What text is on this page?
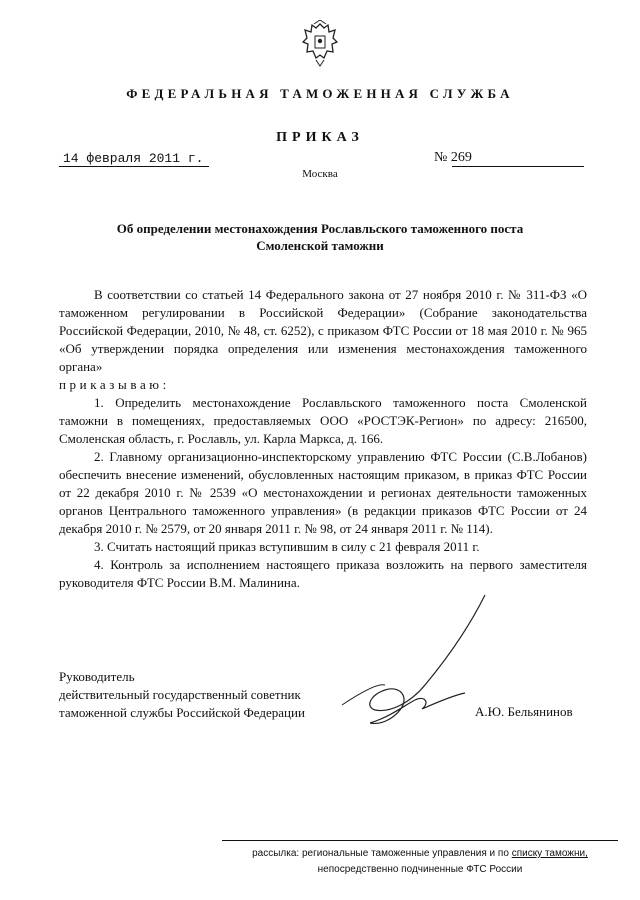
ФЕДЕРАЛЬНАЯ ТАМОЖЕННАЯ СЛУЖБА
ПРИКАЗ
14 февраля 2011 г.	№ 269
Москва
Об определении местонахождения Рославльского таможенного поста
Смоленской таможни

В соответствии со статьей 14 Федерального закона от 27 ноября 2010 г. № 311-ФЗ «О таможенном регулировании в Российской Федерации» (Собрание законодательства Российской Федерации, 2010, № 48, ст. 6252), с приказом ФТС России от 18 мая 2010 г. № 965 «Об утверждении порядка определения или изменения местонахождения таможенного органа»

приказываю:

1. Определить местонахождение Рославльского таможенного поста Смоленской таможни в помещениях, предоставляемых ООО «РОСТЭК-Регион» по адресу: 216500, Смоленская область, г. Рославль, ул. Карла Маркса, д. 166.

2. Главному организационно-инспекторскому управлению ФТС России (С.В.Лобанов) обеспечить внесение изменений, обусловленных настоящим приказом, в приказ ФТС России от 22 декабря 2010 г. № 2539 «О местонахождении и регионах деятельности таможенных органов Центрального таможенного управления» (в редакции приказов ФТС России от 24 декабря 2010 г. № 2579, от 20 января 2011 г. № 98, от 24 января 2011 г. № 114).

3. Считать настоящий приказ вступившим в силу с 21 февраля 2011 г.

4. Контроль за исполнением настоящего приказа возложить на первого заместителя руководителя ФТС России В.М. Малинина.

Руководитель
действительный государственный советник
таможенной службы Российской Федерации	А.Ю. Бельянинов
рассылка: региональные таможенные управления и по списку таможни,
непосредственно подчиненные ФТС России
